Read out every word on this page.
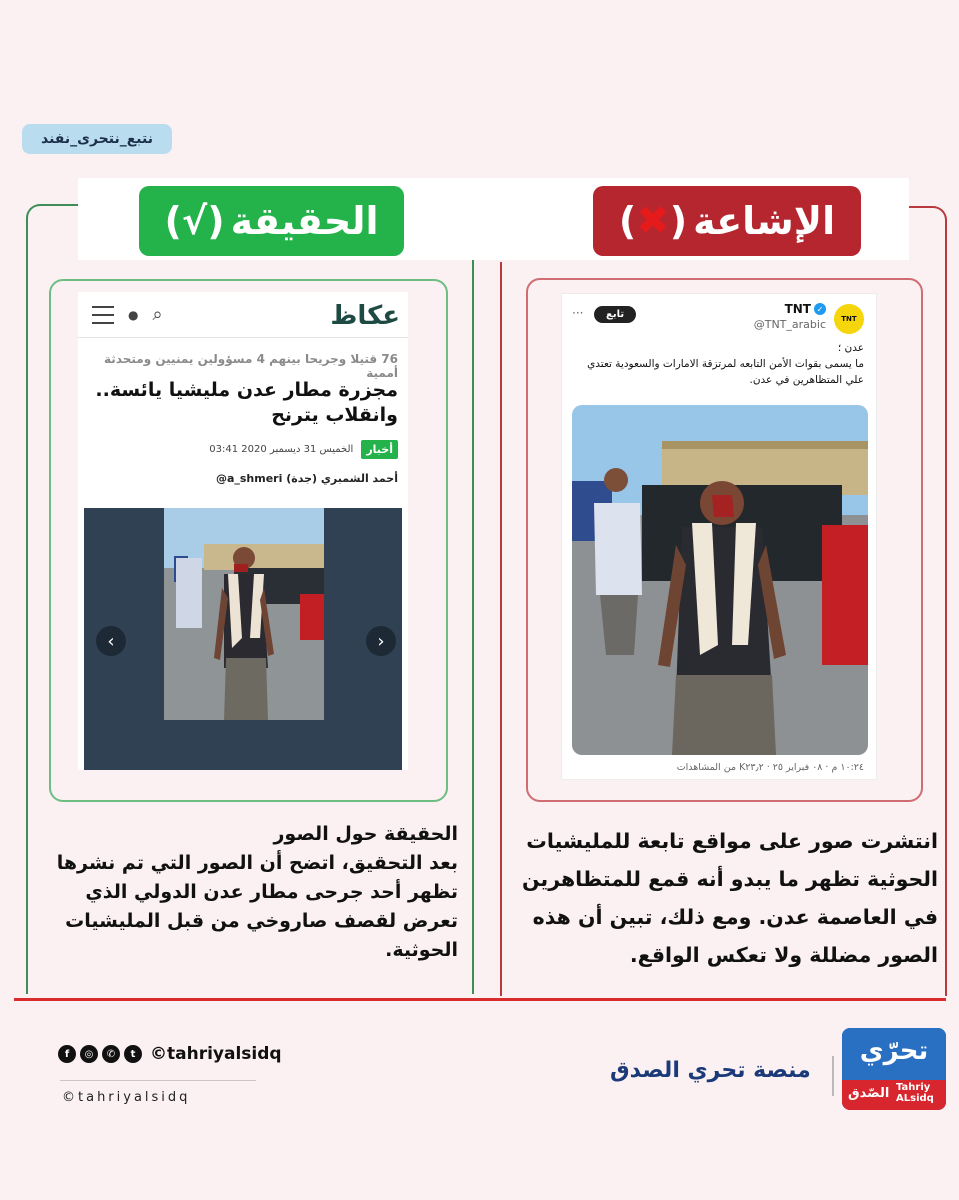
نتبع_نتحرى_نفند
الحقيقة
(√)	الإشاعة
(✖)
عكاظ
● ⌕
76 قتيلا وجريحا بينهم 4 مسؤولين يمنيين ومتحدثة أممية
مجزرة مطار عدن مليشيا يائسة.. وانقلاب يترنح
أخبار
الخميس 31 ديسمبر 2020 03:41
أحمد الشمبري (جدة) a_shmeri@
‹	›
TNT
✓
TNT
@TNT_arabic
تابع
···
عدن ؛
ما يسمى بقوات الأمن التابعه لمرتزقة الامارات والسعودية تعتدي علي المتظاهرين في عدن.
١٠:٢٤ م · ٠٨ فبراير ٢٥ · K٢٣٫٢ من المشاهدات
الحقيقة حول الصور
بعد التحقيق، اتضح أن الصور التي تم نشرها تظهر أحد جرحى مطار عدن الدولي الذي تعرض لقصف صاروخي من قبل المليشيات الحوثية.
انتشرت صور على مواقع تابعة للمليشيات الحوثية تظهر ما يبدو أنه قمع للمتظاهرين في العاصمة عدن. ومع ذلك، تبين أن هذه الصور مضللة ولا تعكس الواقع.
f	◎	✆	t ©tahriyalsidq
©tahriyalsidq
منصة تحري الصدق
تحرّي
Tahriy
ALsidq
الصّدق
